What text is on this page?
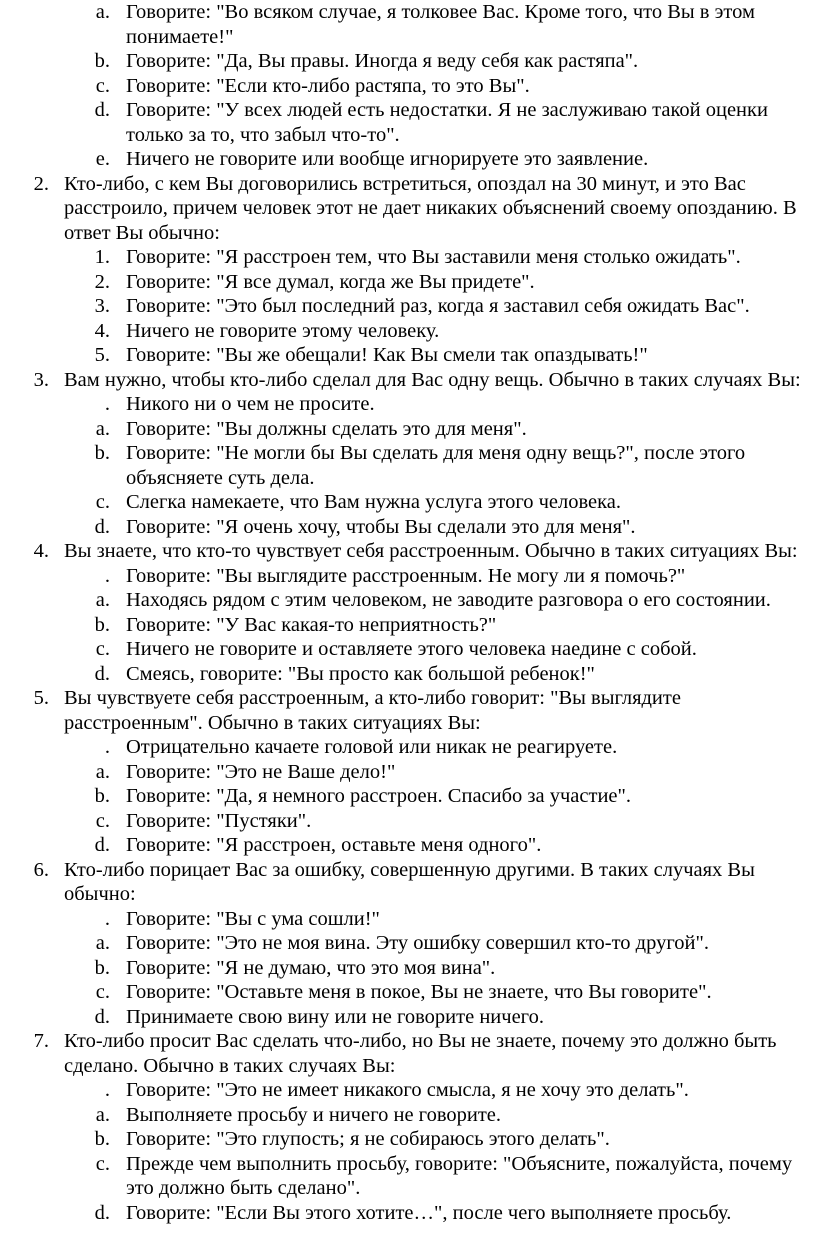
a. Говорите: "Во всяком случае, я толковее Вас. Кроме того, что Вы в этом понимаете!"
b. Говорите: "Да, Вы правы. Иногда я веду себя как растяпа".
c. Говорите: "Если кто-либо растяпа, то это Вы".
d. Говорите: "У всех людей есть недостатки. Я не заслуживаю такой оценки только за то, что забыл что-то".
e. Ничего не говорите или вообще игнорируете это заявление.
2. Кто-либо, с кем Вы договорились встретиться, опоздал на 30 минут, и это Вас расстроило, причем человек этот не дает никаких объяснений своему опозданию. В ответ Вы обычно:
1. Говорите: "Я расстроен тем, что Вы заставили меня столько ожидать".
2. Говорите: "Я все думал, когда же Вы придете".
3. Говорите: "Это был последний раз, когда я заставил себя ожидать Вас".
4. Ничего не говорите этому человеку.
5. Говорите: "Вы же обещали! Как Вы смели так опаздывать!"
3. Вам нужно, чтобы кто-либо сделал для Вас одну вещь. Обычно в таких случаях Вы:
. Никого ни о чем не просите.
a. Говорите: "Вы должны сделать это для меня".
b. Говорите: "Не могли бы Вы сделать для меня одну вещь?", после этого объясняете суть дела.
c. Слегка намекаете, что Вам нужна услуга этого человека.
d. Говорите: "Я очень хочу, чтобы Вы сделали это для меня".
4. Вы знаете, что кто-то чувствует себя расстроенным. Обычно в таких ситуациях Вы:
. Говорите: "Вы выглядите расстроенным. Не могу ли я помочь?"
a. Находясь рядом с этим человеком, не заводите разговора о его состоянии.
b. Говорите: "У Вас какая-то неприятность?"
c. Ничего не говорите и оставляете этого человека наедине с собой.
d. Смеясь, говорите: "Вы просто как большой ребенок!"
5. Вы чувствуете себя расстроенным, а кто-либо говорит: "Вы выглядите расстроенным". Обычно в таких ситуациях Вы:
. Отрицательно качаете головой или никак не реагируете.
a. Говорите: "Это не Ваше дело!"
b. Говорите: "Да, я немного расстроен. Спасибо за участие".
c. Говорите: "Пустяки".
d. Говорите: "Я расстроен, оставьте меня одного".
6. Кто-либо порицает Вас за ошибку, совершенную другими. В таких случаях Вы обычно:
. Говорите: "Вы с ума сошли!"
a. Говорите: "Это не моя вина. Эту ошибку совершил кто-то другой".
b. Говорите: "Я не думаю, что это моя вина".
c. Говорите: "Оставьте меня в покое, Вы не знаете, что Вы говорите".
d. Принимаете свою вину или не говорите ничего.
7. Кто-либо просит Вас сделать что-либо, но Вы не знаете, почему это должно быть сделано. Обычно в таких случаях Вы:
. Говорите: "Это не имеет никакого смысла, я не хочу это делать".
a. Выполняете просьбу и ничего не говорите.
b. Говорите: "Это глупость; я не собираюсь этого делать".
c. Прежде чем выполнить просьбу, говорите: "Объясните, пожалуйста, почему это должно быть сделано".
d. Говорите: "Если Вы этого хотите…", после чего выполняете просьбу.
